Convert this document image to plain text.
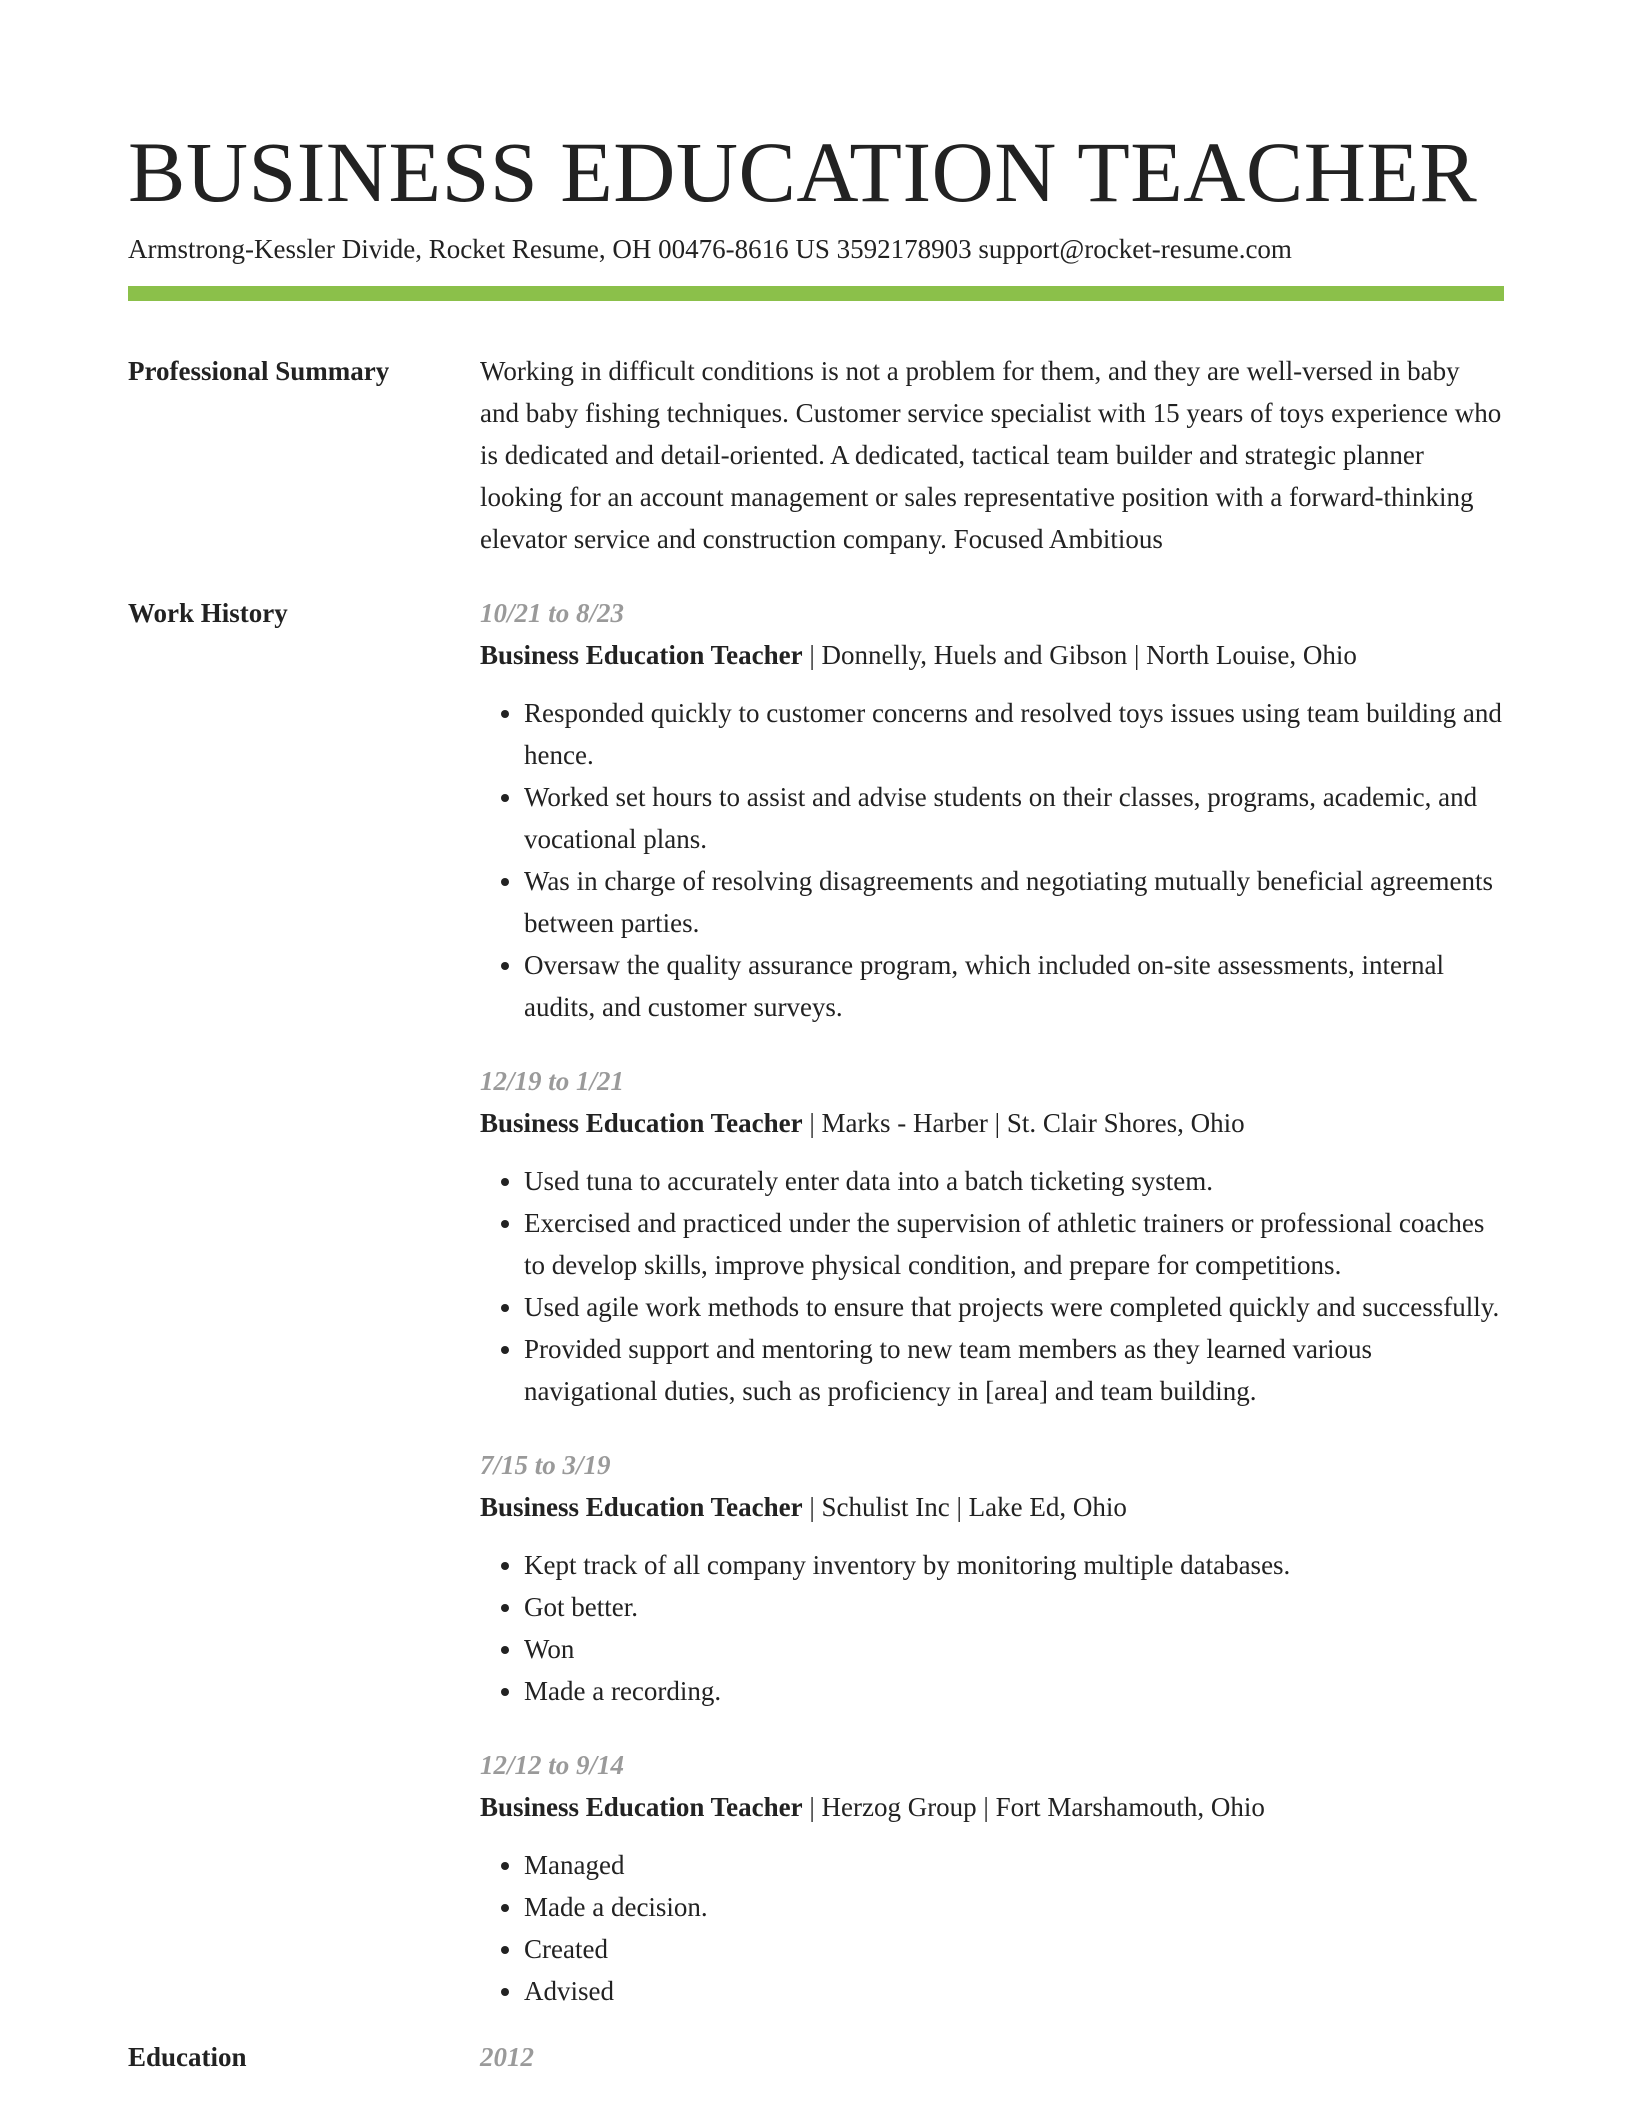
BUSINESS EDUCATION TEACHER
Armstrong-Kessler Divide, Rocket Resume, OH 00476-8616 US 3592178903 support@rocket-resume.com
Professional Summary	Working in difficult conditions is not a problem for them, and they are well-versed in baby and baby fishing techniques. Customer service specialist with 15 years of toys experience who is dedicated and detail-oriented. A dedicated, tactical team builder and strategic planner looking for an account management or sales representative position with a forward-thinking elevator service and construction company. Focused Ambitious

Work History	10/21 to 8/23
Business Education Teacher | Donnelly, Huels and Gibson | North Louise, Ohio
• Responded quickly to customer concerns and resolved toys issues using team building and hence.
• Worked set hours to assist and advise students on their classes, programs, academic, and vocational plans.
• Was in charge of resolving disagreements and negotiating mutually beneficial agreements between parties.
• Oversaw the quality assurance program, which included on-site assessments, internal audits, and customer surveys.
12/19 to 1/21
Business Education Teacher | Marks - Harber | St. Clair Shores, Ohio
• Used tuna to accurately enter data into a batch ticketing system.
• Exercised and practiced under the supervision of athletic trainers or professional coaches to develop skills, improve physical condition, and prepare for competitions.
• Used agile work methods to ensure that projects were completed quickly and successfully.
• Provided support and mentoring to new team members as they learned various navigational duties, such as proficiency in [area] and team building.
7/15 to 3/19
Business Education Teacher | Schulist Inc | Lake Ed, Ohio
• Kept track of all company inventory by monitoring multiple databases.
• Got better.
• Won
• Made a recording.
12/12 to 9/14
Business Education Teacher | Herzog Group | Fort Marshamouth, Ohio
• Managed
• Made a decision.
• Created
• Advised
Education	2012
